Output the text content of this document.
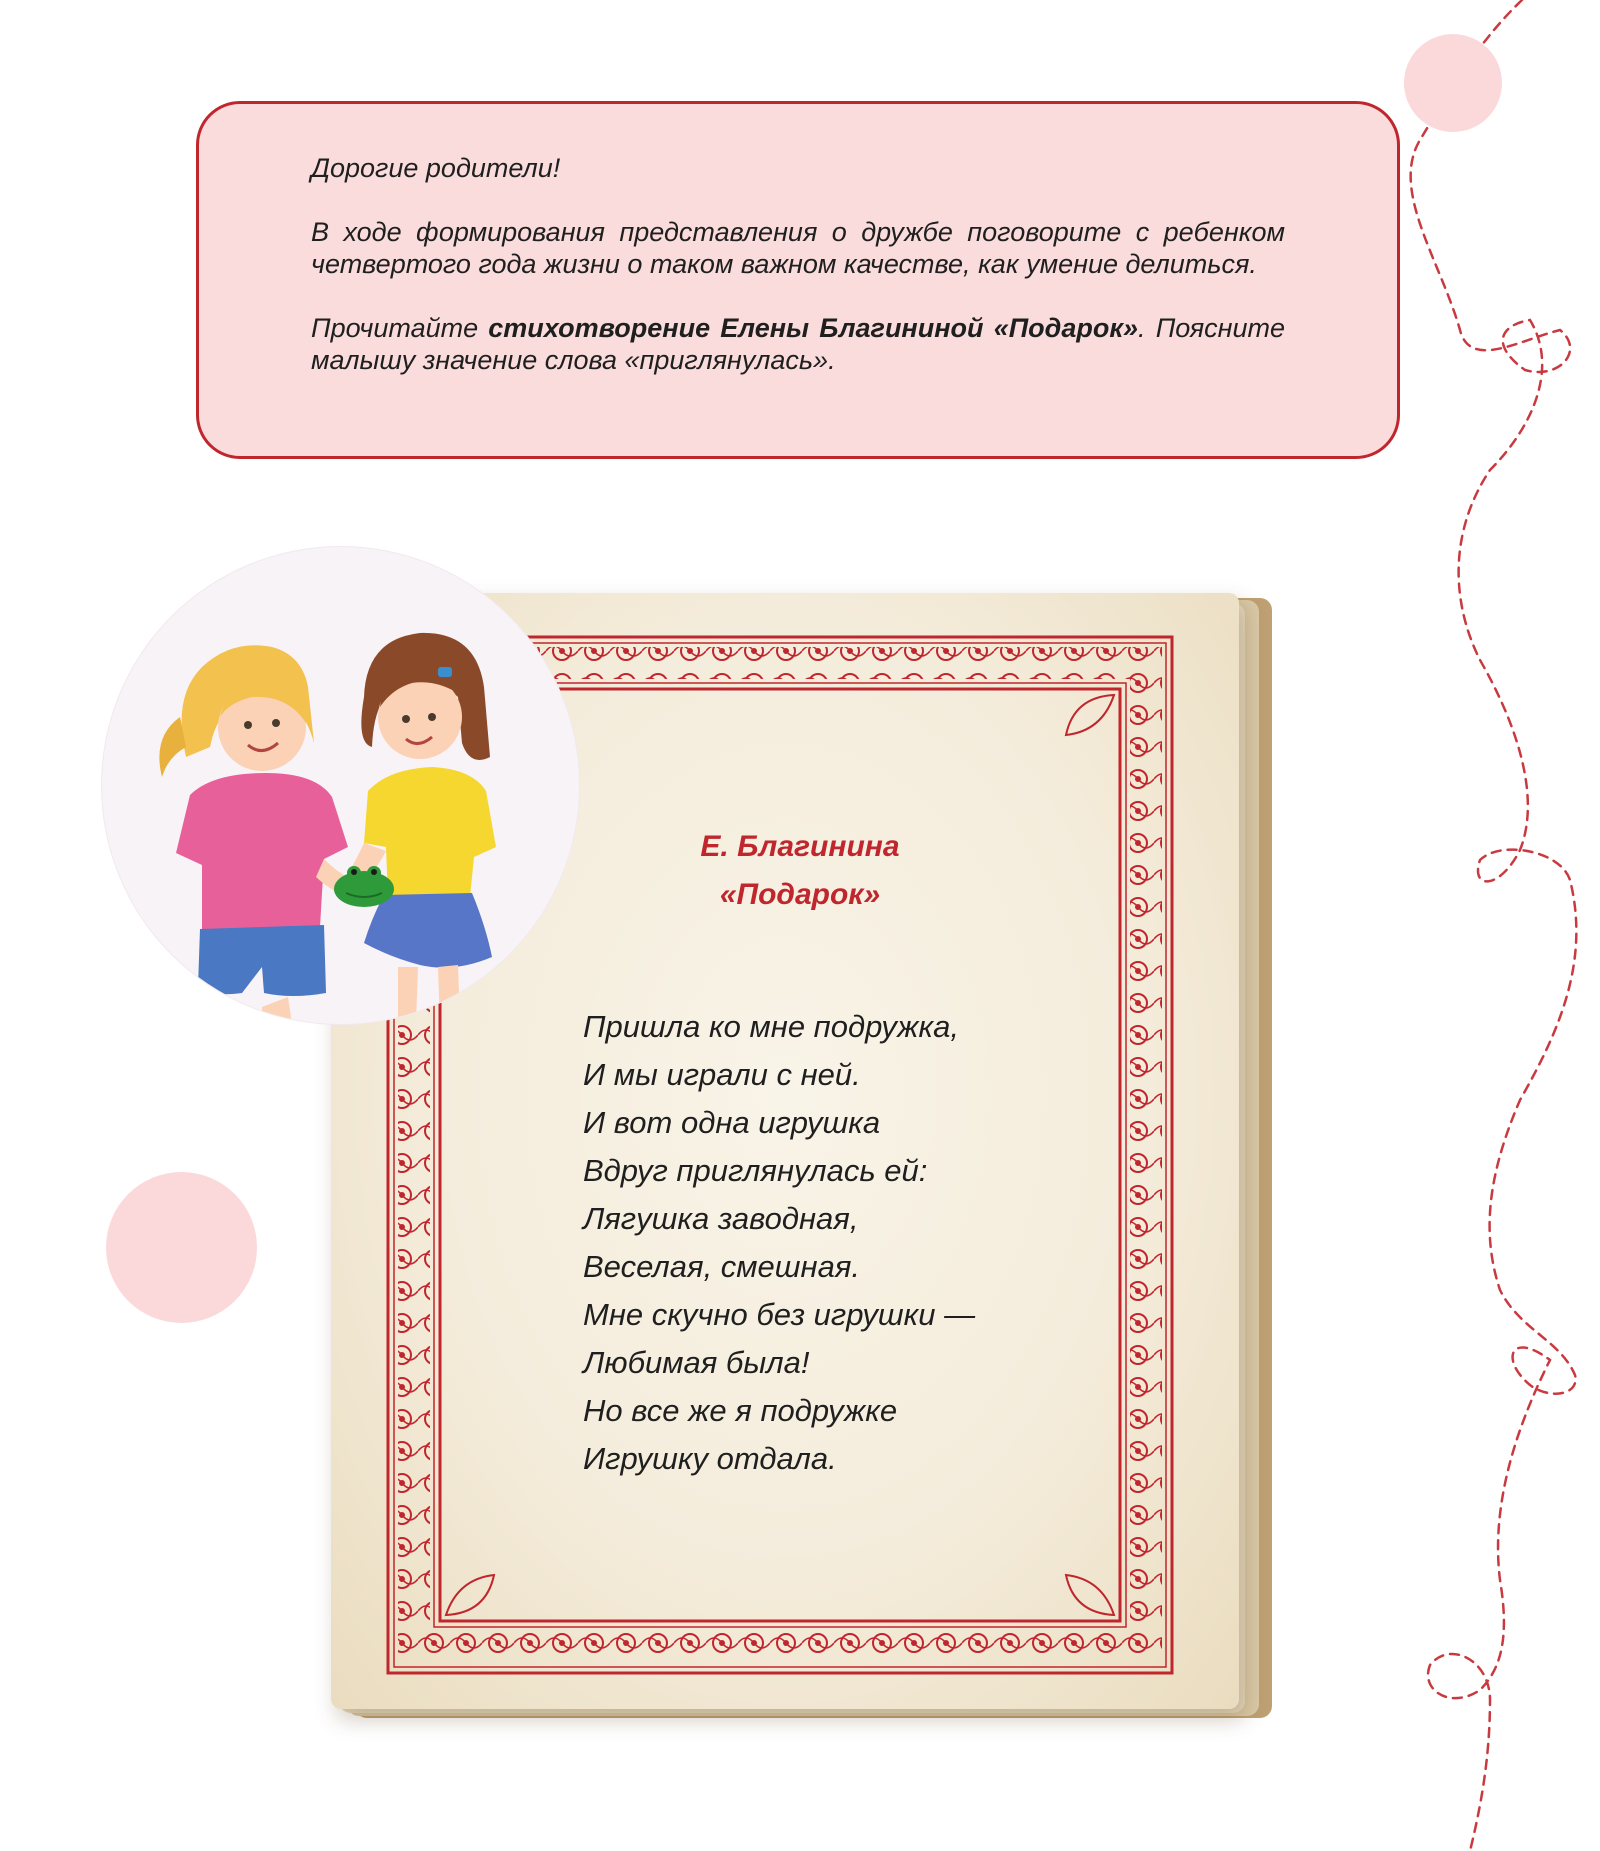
Дорогие родители!

В ходе формирования представления о дружбе поговорите с ребенком четвертого года жизни о таком важном качестве, как умение делиться.

Прочитайте стихотворение Елены Благининой «Подарок». Поясните малышу значение слова «приглянулась».

Е. Благинина
«Подарок»
Пришла ко мне подружка,
И мы играли с ней.
И вот одна игрушка
Вдруг приглянулась ей:
Лягушка заводная,
Веселая, смешная.
Мне скучно без игрушки —
Любимая была!
Но все же я подружке
Игрушку отдала.
